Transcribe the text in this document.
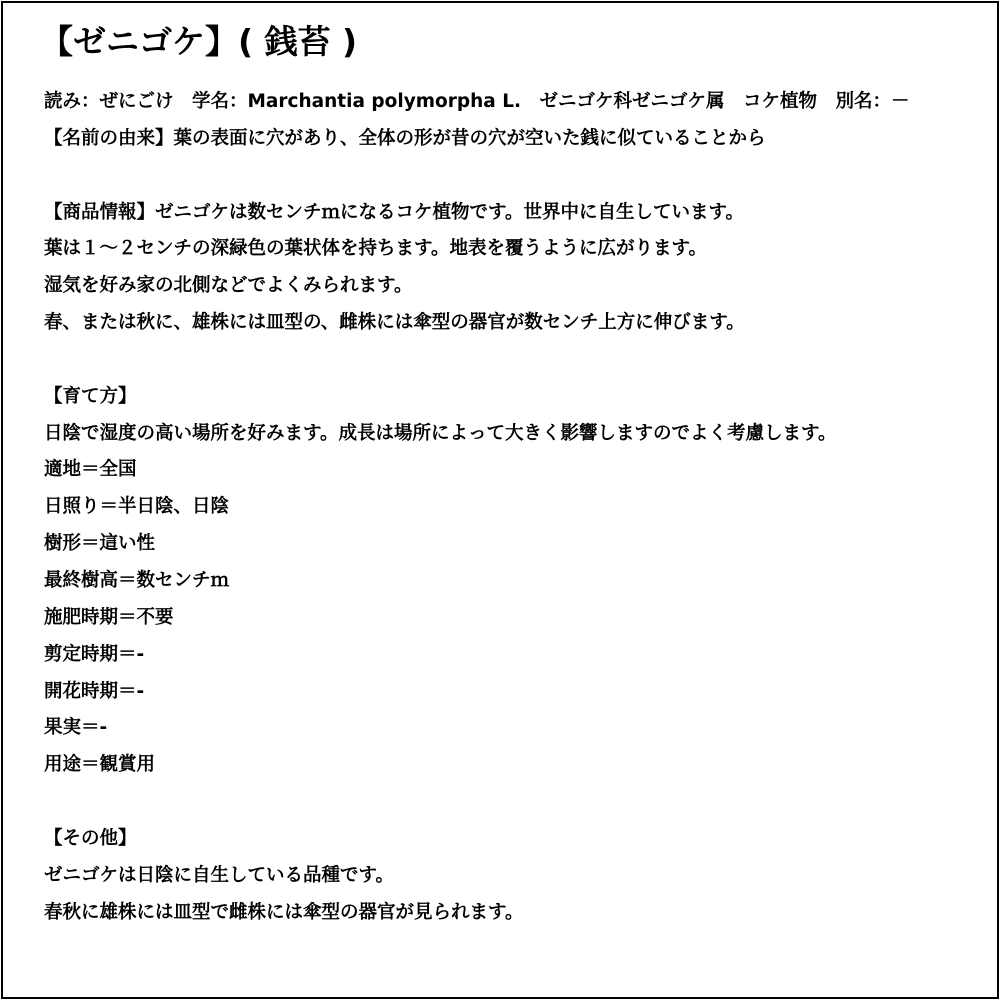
【ゼニゴケ】( 銭苔 )
読み：ぜにごけ　学名：Marchantia polymorpha L.　ゼニゴケ科ゼニゴケ属　コケ植物　別名：－
【名前の由来】葉の表面に穴があり、全体の形が昔の穴が空いた銭に似ていることから
【商品情報】ゼニゴケは数センチｍになるコケ植物です。世界中に自生しています。
葉は１～２センチの深緑色の葉状体を持ちます。地表を覆うように広がります。
湿気を好み家の北側などでよくみられます。
春、または秋に、雄株には皿型の、雌株には傘型の器官が数センチ上方に伸びます。
【育て方】
日陰で湿度の高い場所を好みます。成長は場所によって大きく影響しますのでよく考慮します。
適地＝全国
日照り＝半日陰、日陰
樹形＝這い性
最終樹高＝数センチｍ
施肥時期＝不要
剪定時期＝-
開花時期＝-
果実＝-
用途＝観賞用
【その他】
ゼニゴケは日陰に自生している品種です。
春秋に雄株には皿型で雌株には傘型の器官が見られます。
